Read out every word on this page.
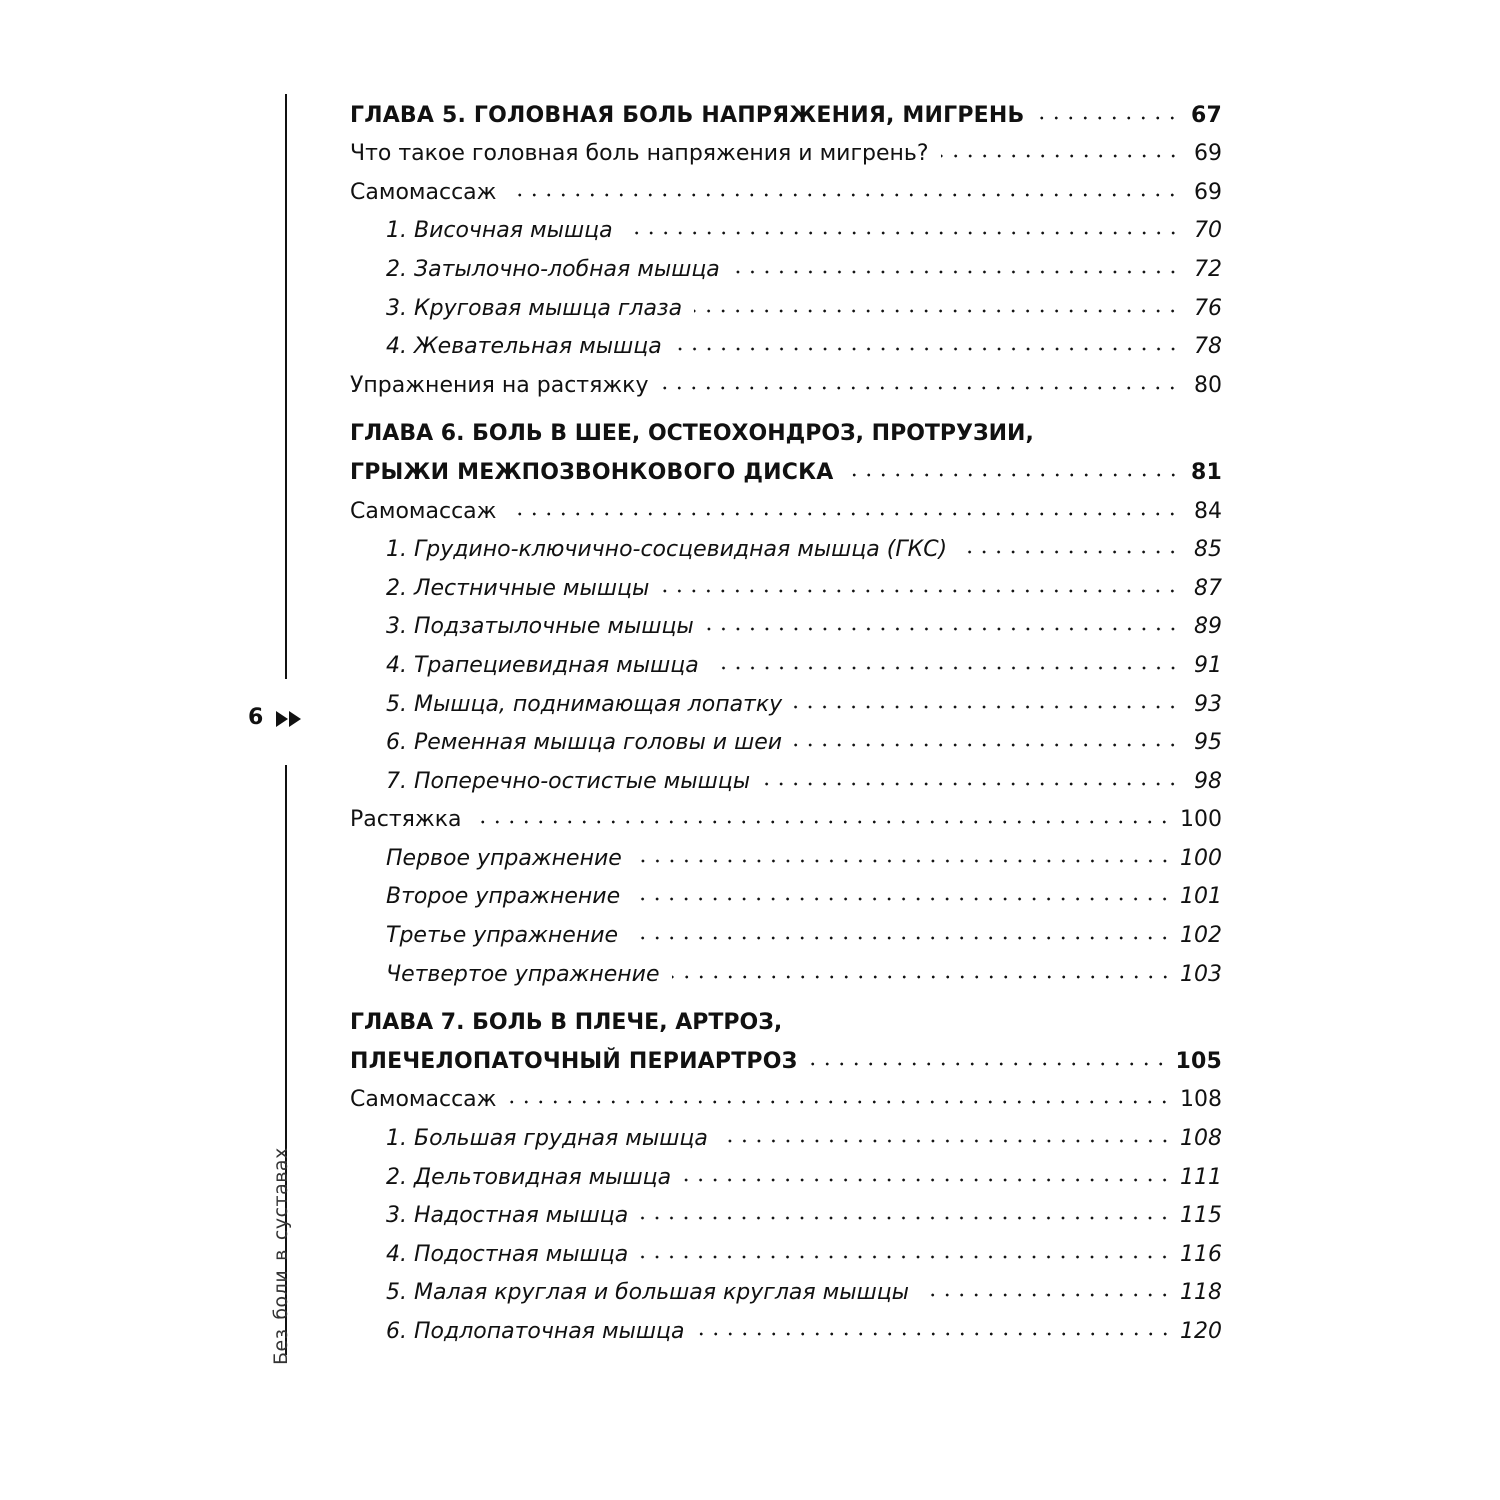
6
Безболивсуставах
ГЛАВА 5. ГОЛОВНАЯ БОЛЬ НАПРЯЖЕНИЯ, МИГРЕНЬ	67
Что такое головная боль напряжения и мигрень?	69
Самомассаж	69
1. Височная мышца	70
2. Затылочно-лобная мышца	72
3. Круговая мышца глаза	76
4. Жевательная мышца	78
Упражнения на растяжку	80
ГЛАВА 6. БОЛЬ В ШЕЕ, ОСТЕОХОНДРОЗ, ПРОТРУЗИИ,
ГРЫЖИ МЕЖПОЗВОНКОВОГО ДИСКА	81
Самомассаж	84
1. Грудино-ключично-сосцевидная мышца (ГКС)	85
2. Лестничные мышцы	87
3. Подзатылочные мышцы	89
4. Трапециевидная мышца	91
5. Мышца, поднимающая лопатку	93
6. Ременная мышца головы и шеи	95
7. Поперечно-остистые мышцы	98
Растяжка	100
Первое упражнение	100
Второе упражнение	101
Третье упражнение	102
Четвертое упражнение	103
ГЛАВА 7. БОЛЬ В ПЛЕЧЕ, АРТРОЗ,
ПЛЕЧЕЛОПАТОЧНЫЙ ПЕРИАРТРОЗ	105
Самомассаж	108
1. Большая грудная мышца	108
2. Дельтовидная мышца	111
3. Надостная мышца	115
4. Подостная мышца	116
5. Малая круглая и большая круглая мышцы	118
6. Подлопаточная мышца	120
